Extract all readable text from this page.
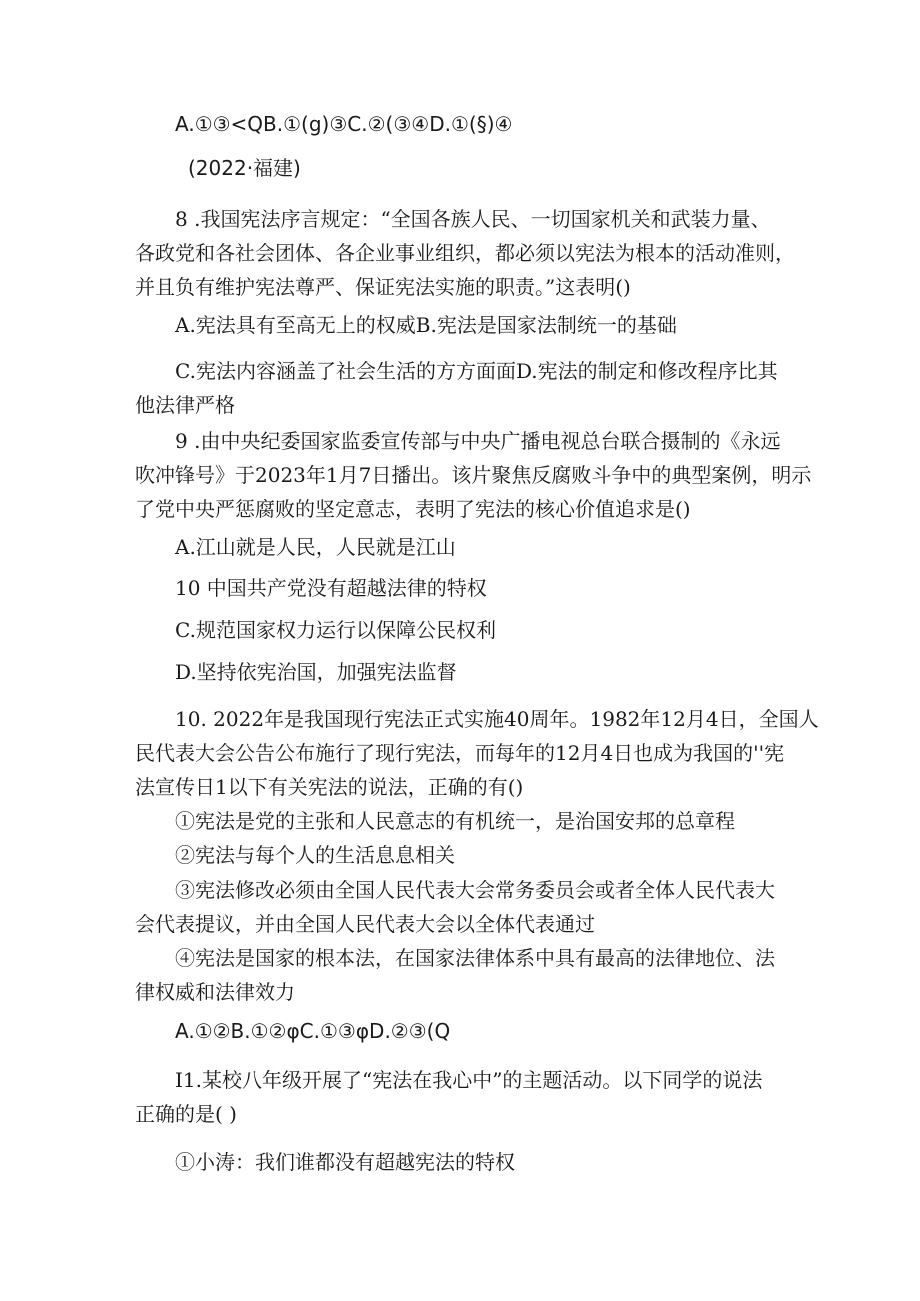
A.①③<QB.①(g)③C.②(③④D.①(§)④
(2022·福建)
8 .我国宪法序言规定：“全国各族人民、一切国家机关和武装力量、
各政党和各社会团体、各企业事业组织，都必须以宪法为根本的活动准则，
并且负有维护宪法尊严、保证宪法实施的职责。”这表明()
A.宪法具有至高无上的权威B.宪法是国家法制统一的基础
C.宪法内容涵盖了社会生活的方方面面D.宪法的制定和修改程序比其
他法律严格
9 .由中央纪委国家监委宣传部与中央广播电视总台联合摄制的《永远
吹冲锋号》于2023年1月7日播出。该片聚焦反腐败斗争中的典型案例，明示
了党中央严惩腐败的坚定意志，表明了宪法的核心价值追求是()
A.江山就是人民，人民就是江山
10 中国共产党没有超越法律的特权
C.规范国家权力运行以保障公民权利
D.坚持依宪治国，加强宪法监督
10. 2022年是我国现行宪法正式实施40周年。1982年12月4日，全国人
民代表大会公告公布施行了现行宪法，而每年的12月4日也成为我国的''宪
法宣传日1以下有关宪法的说法，正确的有()
①宪法是党的主张和人民意志的有机统一，是治国安邦的总章程
②宪法与每个人的生活息息相关
③宪法修改必须由全国人民代表大会常务委员会或者全体人民代表大
会代表提议，并由全国人民代表大会以全体代表通过
④宪法是国家的根本法，在国家法律体系中具有最高的法律地位、法
律权威和法律效力
A.①②B.①②φC.①③φD.②③(Q
I1.某校八年级开展了“宪法在我心中”的主题活动。以下同学的说法
正确的是( )
①小涛：我们谁都没有超越宪法的特权
